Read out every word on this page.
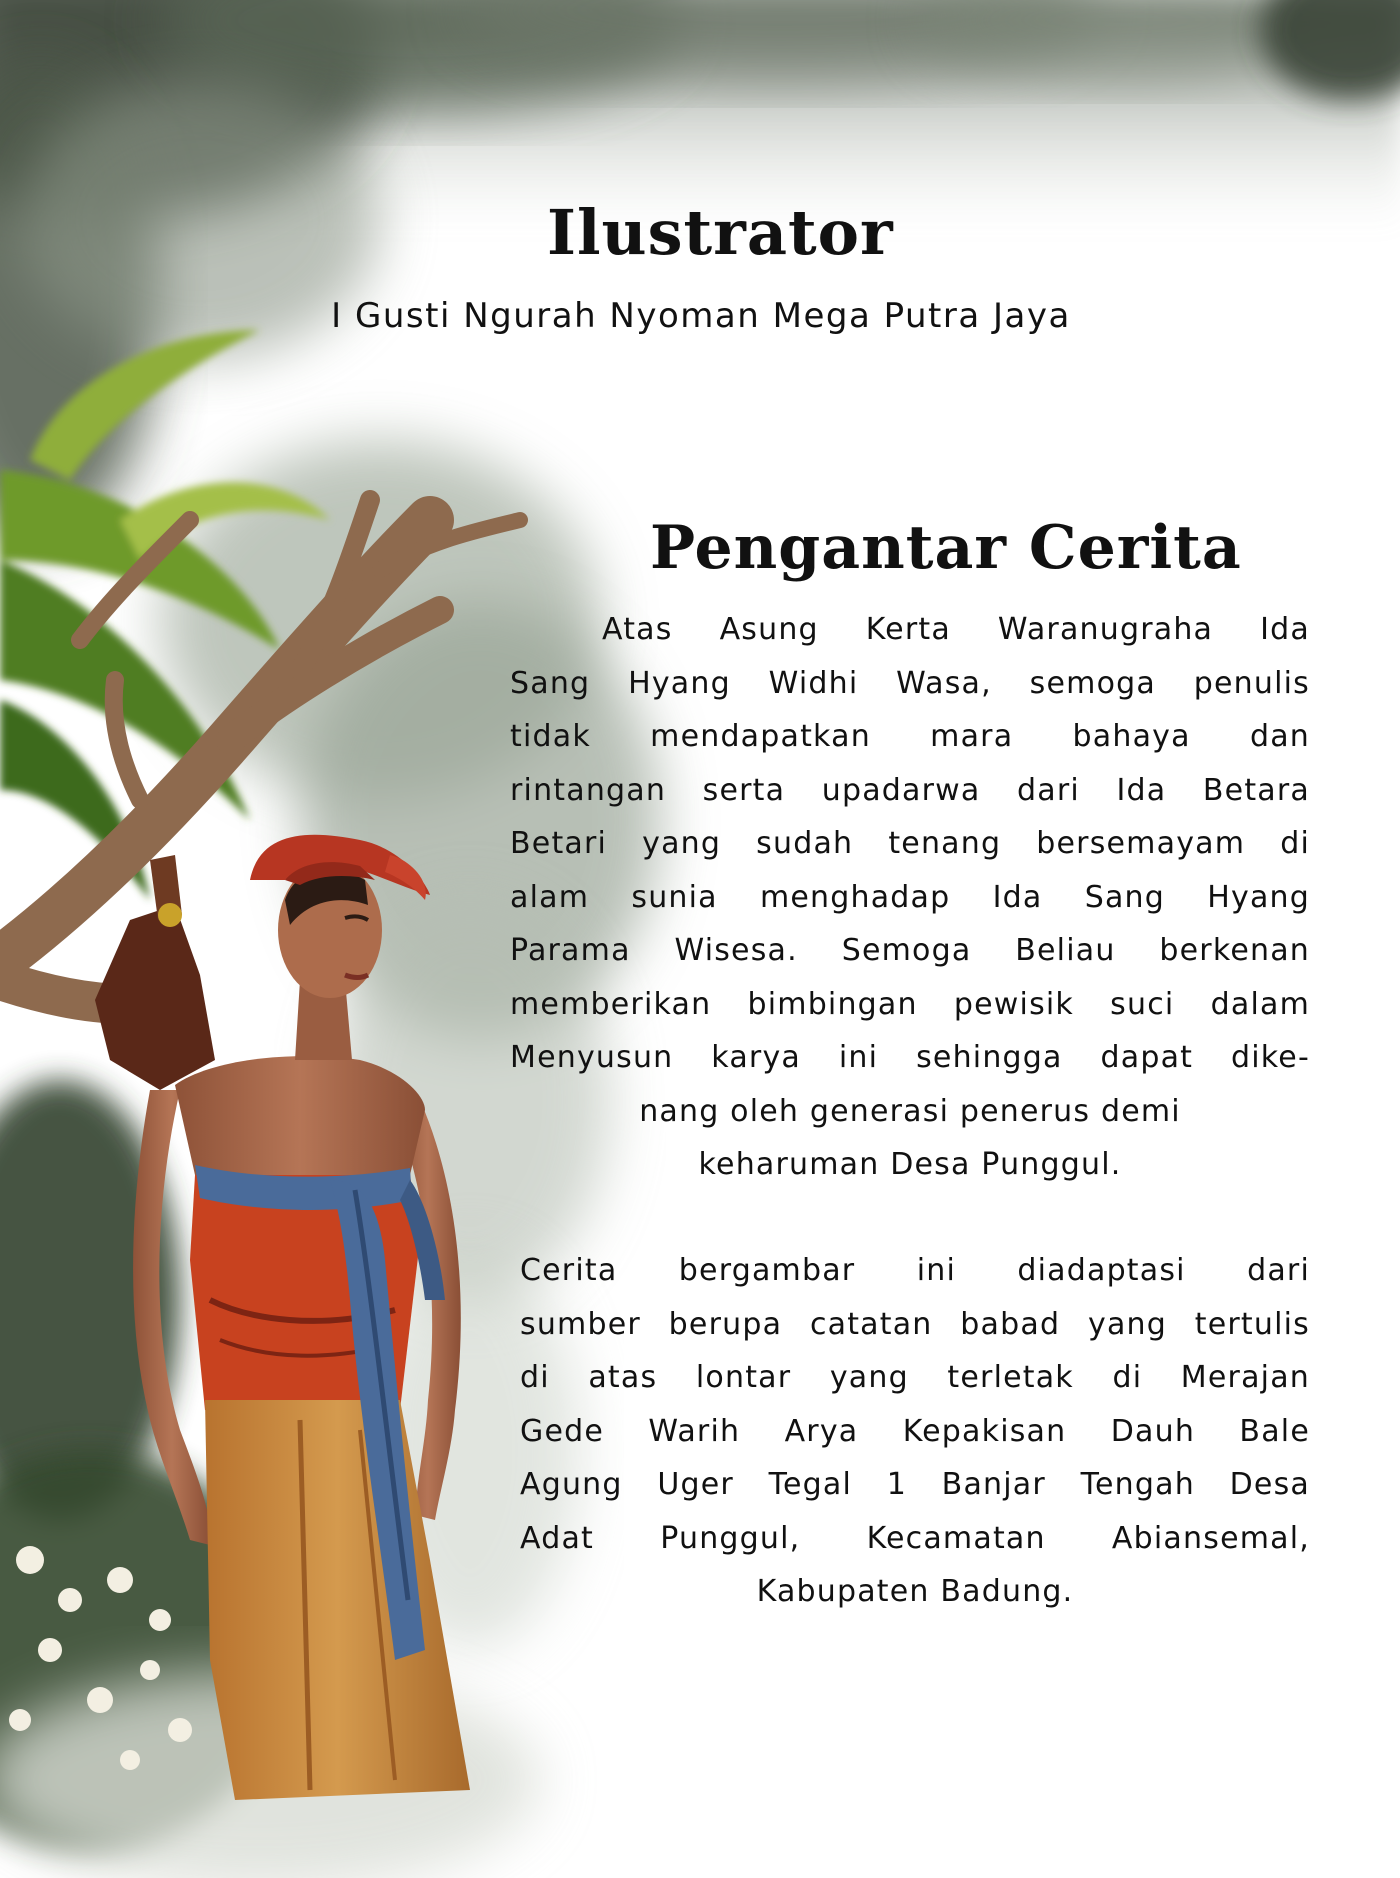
Ilustrator
I Gusti Ngurah Nyoman Mega Putra Jaya
Pengantar Cerita
Atas Asung Kerta Waranugraha Ida
Sang Hyang Widhi Wasa, semoga penulis
tidak mendapatkan mara bahaya dan
rintangan serta upadarwa dari Ida Betara
Betari yang sudah tenang bersemayam di
alam sunia menghadap Ida Sang Hyang
Parama Wisesa. Semoga Beliau berkenan
memberikan bimbingan pewisik suci dalam
Menyusun karya ini sehingga dapat dike-
nang oleh generasi penerus demi
keharuman Desa Punggul.
Cerita bergambar ini diadaptasi dari
sumber berupa catatan babad yang tertulis
di atas lontar yang terletak di Merajan
Gede Warih Arya Kepakisan Dauh Bale
Agung Uger Tegal 1 Banjar Tengah Desa
Adat Punggul, Kecamatan Abiansemal,
Kabupaten Badung.
